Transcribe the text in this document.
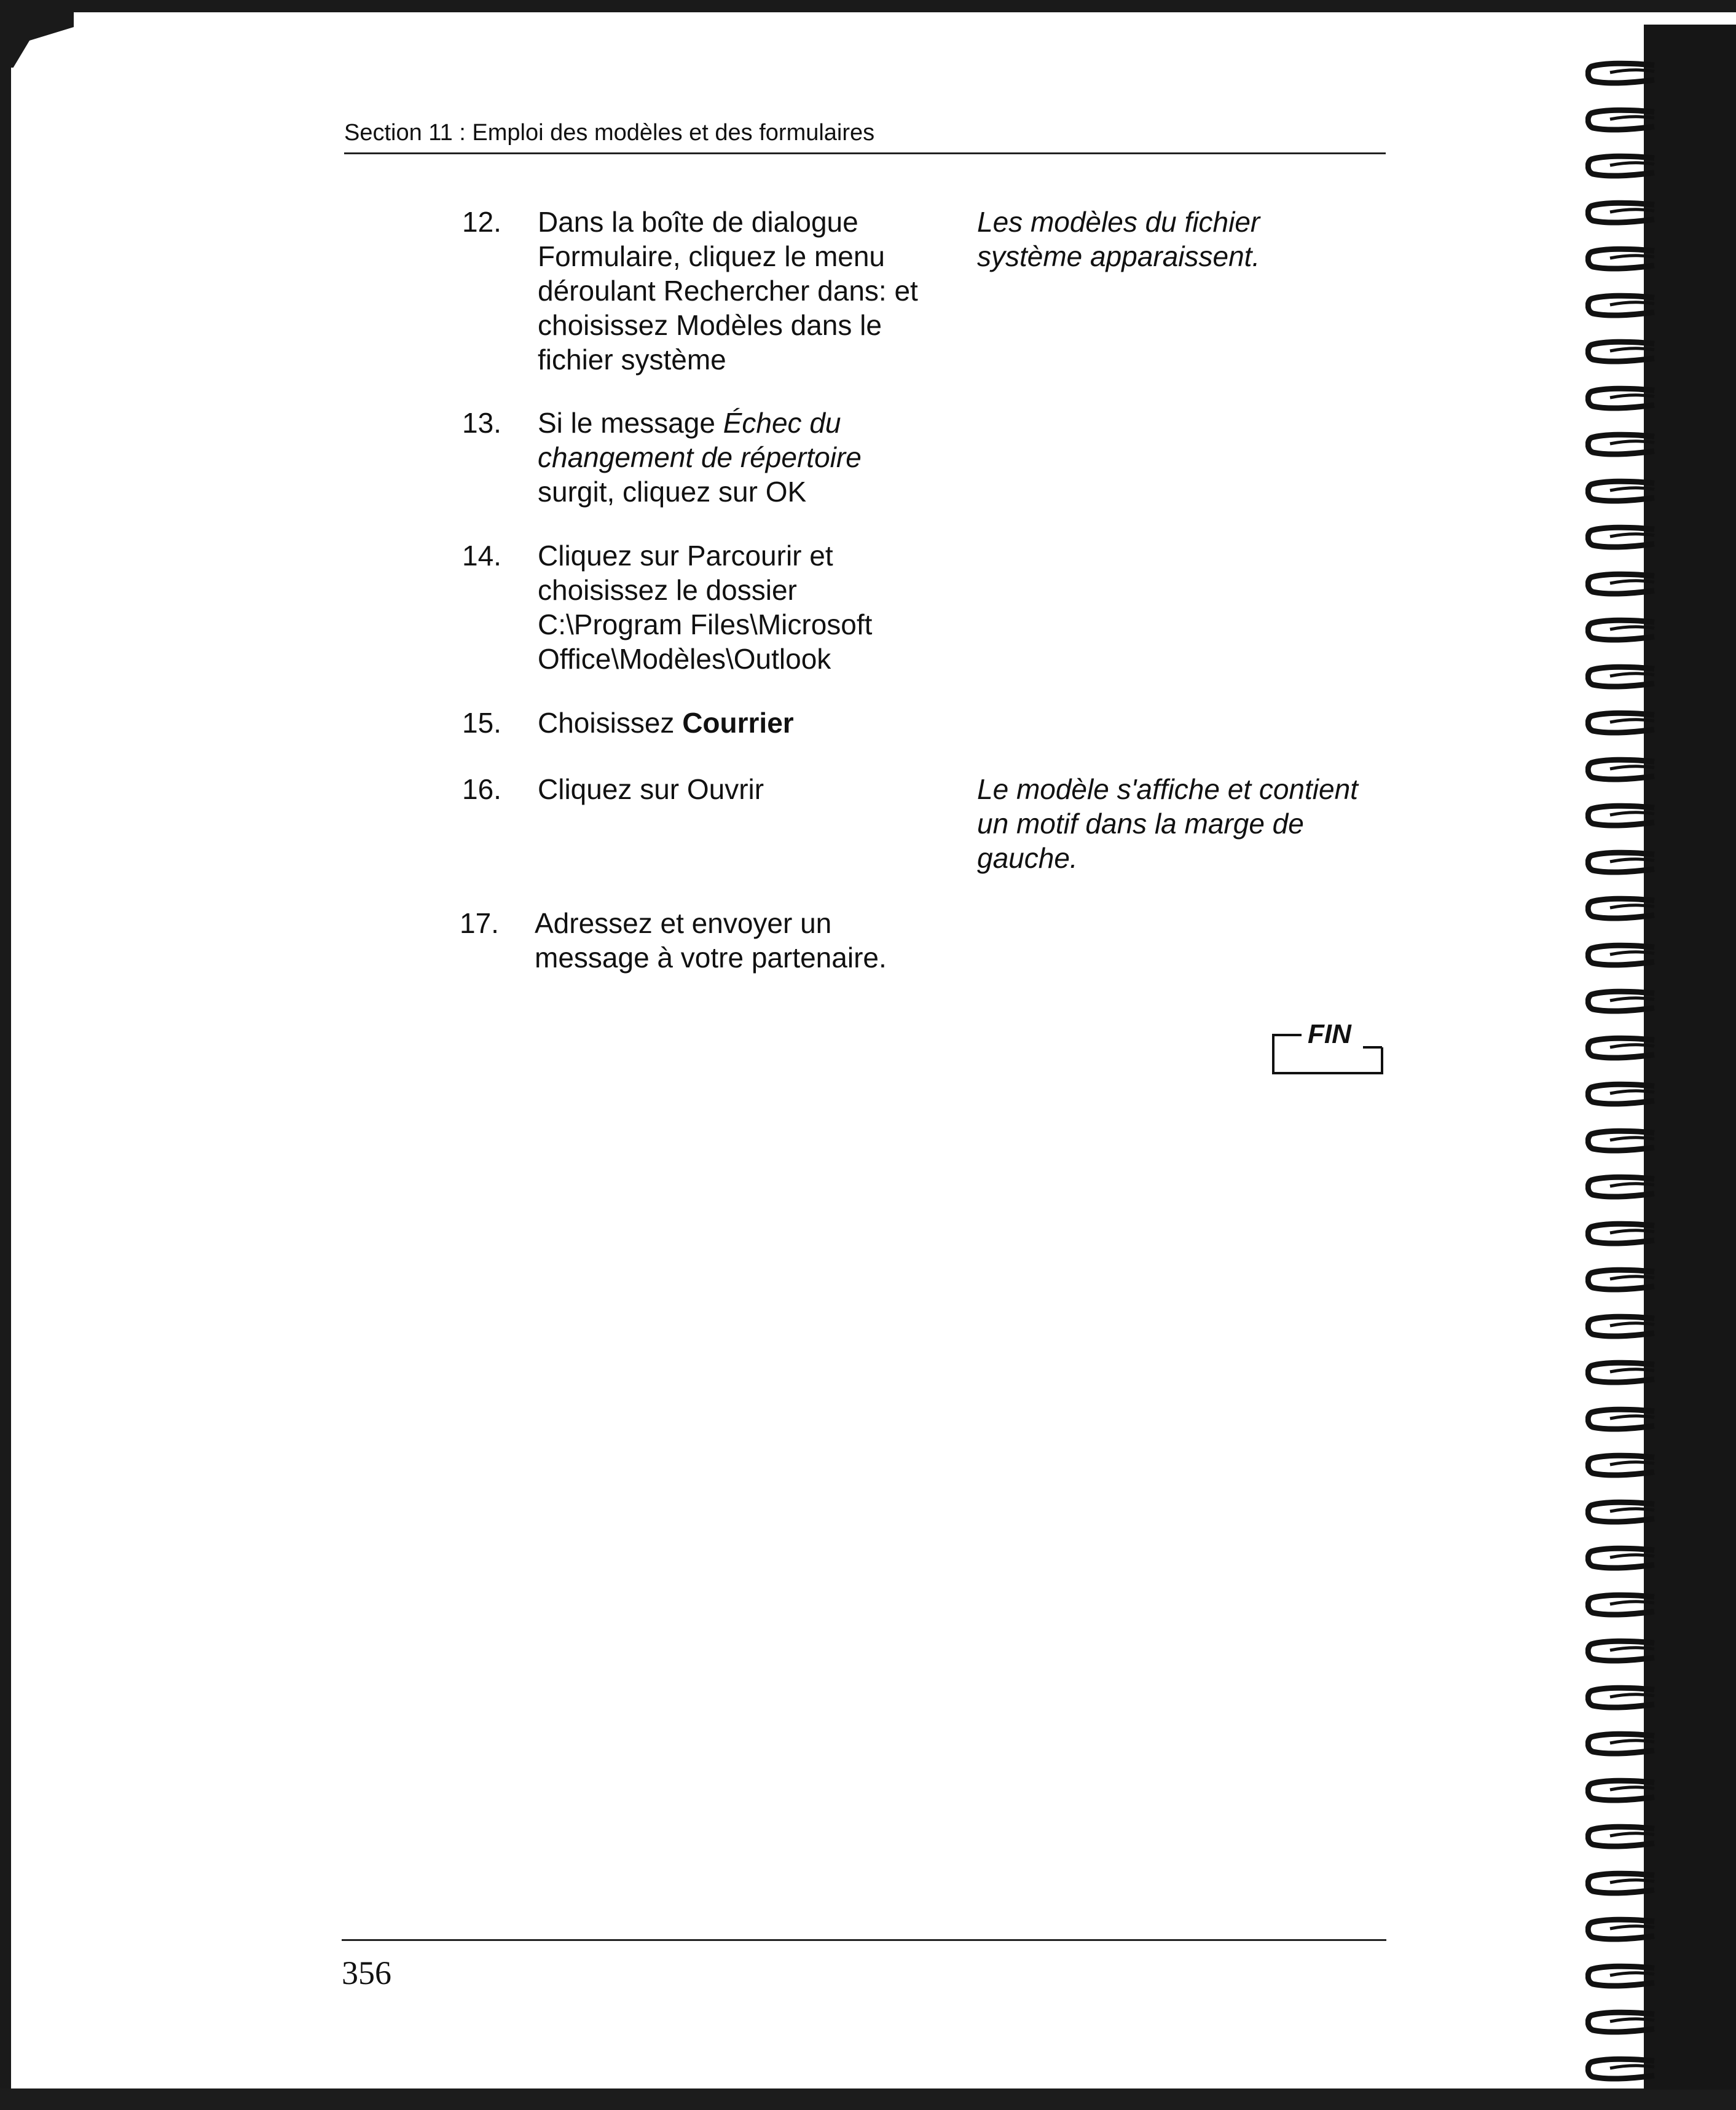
Section 11 : Emploi des modèles et des formulaires
12. Dans la boîte de dialogue
Formulaire, cliquez le menu
déroulant Rechercher dans: et
choisissez Modèles dans le
fichier système
Les modèles du fichier
système apparaissent.
13. Si le message Échec du
changement de répertoire
surgit, cliquez sur OK
14. Cliquez sur Parcourir et
choisissez le dossier
C:\Program Files\Microsoft
Office\Modèles\Outlook
15. Choisissez Courrier
16. Cliquez sur Ouvrir	Le modèle s'affiche et contient
un motif dans la marge de
gauche.
17. Adressez et envoyer un
message à votre partenaire.
FIN
356
